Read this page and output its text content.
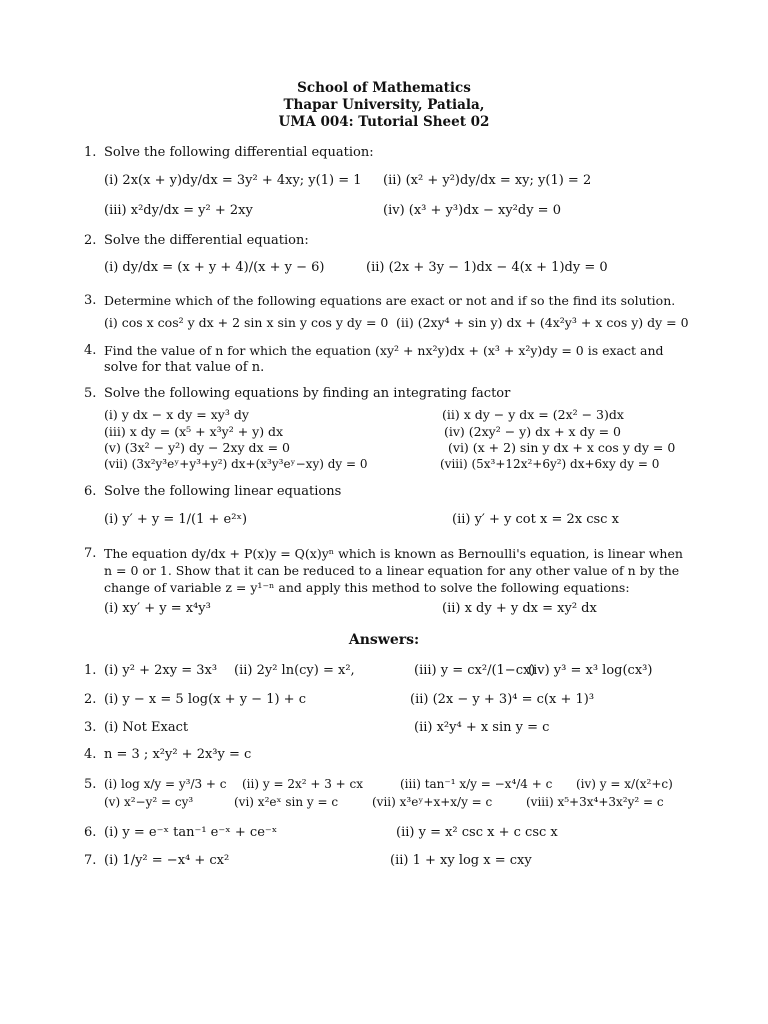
School of Mathematics
Thapar University, Patiala,
UMA 004: Tutorial Sheet 02
1. Solve the following differential equation:
(i) 2x(x + y)dy/dx = 3y² + 4xy; y(1) = 1 (ii) (x² + y²)dy/dx = xy; y(1) = 2
(iii) x²dy/dx = y² + 2xy	(iv) (x³ + y³)dx − xy²dy = 0
2. Solve the differential equation:
(i) dy/dx = (x + y + 4)/(x + y − 6)	(ii) (2x + 3y − 1)dx − 4(x + 1)dy = 0
3. Determine which of the following equations are exact or not and if so the find its solution.
(i) cos x cos² y dx + 2 sin x sin y cos y dy = 0 (ii) (2xy⁴ + sin y) dx + (4x²y³ + x cos y) dy = 0
4. Find the value of n for which the equation (xy² + nx²y)dx + (x³ + x²y)dy = 0 is exact and
solve for that value of n.
5. Solve the following equations by finding an integrating factor
(i) y dx − x dy = xy³ dy	(ii) x dy − y dx = (2x² − 3)dx
(iii) x dy = (x⁵ + x³y² + y) dx	(iv) (2xy² − y) dx + x dy = 0
(v) (3x² − y²) dy − 2xy dx = 0	(vi) (x + 2) sin y dx + x cos y dy = 0
(vii) (3x²y³eʸ+y³+y²) dx+(x³y³eʸ−xy) dy = 0	(viii) (5x³+12x²+6y²) dx+6xy dy = 0
6. Solve the following linear equations
(i) y′ + y = 1/(1 + e²ˣ)	(ii) y′ + y cot x = 2x csc x
7. The equation dy/dx + P(x)y = Q(x)yⁿ which is known as Bernoulli's equation, is linear when
n = 0 or 1. Show that it can be reduced to a linear equation for any other value of n by the
change of variable z = y¹⁻ⁿ and apply this method to solve the following equations:
(i) xy′ + y = x⁴y³	(ii) x dy + y dx = xy² dx
Answers:
1. (i) y² + 2xy = 3x³ (ii) 2y² ln(cy) = x²,	(iii) y = cx²/(1−cx)
(iv) y³ = x³ log(cx³)
2. (i) y − x = 5 log(x + y − 1) + c	(ii) (2x − y + 3)⁴ = c(x + 1)³
3. (i) Not Exact	(ii) x²y⁴ + x sin y = c
4. n = 3 ; x²y² + 2x³y = c
5. (i) log x/y = y³/3 + c (ii) y = 2x² + 3 + cx	(iii) tan⁻¹ x/y = −x⁴/4 + c (iv) y = x/(x²+c)
(v) x²−y² = cy³	(vi) x²eˣ sin y = c	(vii) x³eʸ+x+x/y = c	(viii) x⁵+3x⁴+3x²y² = c
6. (i) y = e⁻ˣ tan⁻¹ e⁻ˣ + ce⁻ˣ	(ii) y = x² csc x + c csc x
7. (i) 1/y² = −x⁴ + cx²	(ii) 1 + xy log x = cxy
